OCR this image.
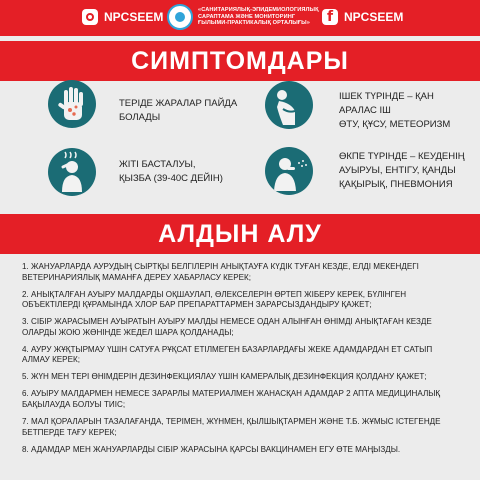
NPCSEEM	«САНИТАРИЯЛЫҚ-ЭПИДЕМИОЛОГИЯЛЫҚ
САРАПТАМА ЖӘНЕ МОНИТОРИНГ
ҒЫЛЫМИ-ПРАКТИКАЛЫҚ ОРТАЛЫҒЫ»	f NPCSEEM
СИМПТОМДАРЫ
ТЕРІДЕ ЖАРАЛАР ПАЙДА БОЛАДЫ
ІШЕК ТҮРІНДЕ – ҚАН АРАЛАС ІШ
ӨТУ, ҚҰСУ, МЕТЕОРИЗМ
ЖІТІ БАСТАЛУЫ,
ҚЫЗБА (39-40С ДЕЙІН)
ӨКПЕ ТҮРІНДЕ – КЕУДЕНІҢ
АУЫРУЫ, ЕНТІГУ, ҚАНДЫ
ҚАҚЫРЫҚ, ПНЕВМОНИЯ
АЛДЫН АЛУ
1. ЖАНУАРЛАРДА АУРУДЫҢ СЫРТҚЫ БЕЛГІЛЕРІН АНЫҚТАУҒА КҮДІК ТУҒАН КЕЗДЕ, ЕЛДІ МЕКЕНДЕГІ
ВЕТЕРИНАРИЯЛЫҚ МАМАНҒА ДЕРЕУ ХАБАРЛАСУ КЕРЕК;
2. АНЫҚТАЛҒАН АУЫРУ МАЛДАРДЫ ОҚШАУЛАП, ӨЛЕКСЕЛЕРІН ӨРТЕП ЖІБЕРУ КЕРЕК, БҮЛІНГЕН
ОБЪЕКТІЛЕРДІ ҚҰРАМЫНДА ХЛОР БАР ПРЕПАРАТТАРМЕН ЗАРАРСЫЗДАНДЫРУ ҚАЖЕТ;
3. СІБІР ЖАРАСЫМЕН АУЫРАТЫН АУЫРУ МАЛДЫ НЕМЕСЕ ОДАН АЛЫНҒАН ӨНІМДІ АНЫҚТАҒАН КЕЗДЕ
ОЛАРДЫ ЖОЮ ЖӨНІНДЕ ЖЕДЕЛ ШАРА ҚОЛДАНАДЫ;
4. АУРУ ЖҰҚТЫРМАУ ҮШІН САТУҒА РҰҚСАТ ЕТІЛМЕГЕН БАЗАРЛАРДАҒЫ ЖЕКЕ АДАМДАРДАН ЕТ САТЫП
АЛМАУ КЕРЕК;
5. ЖҮН МЕН ТЕРІ ӨНІМДЕРІН ДЕЗИНФЕКЦИЯЛАУ ҮШІН КАМЕРАЛЫҚ ДЕЗИНФЕКЦИЯ ҚОЛДАНУ ҚАЖЕТ;
6. АУЫРУ МАЛДАРМЕН НЕМЕСЕ ЗАРАРЛЫ МАТЕРИАЛМЕН ЖАНАСҚАН АДАМДАР 2 АПТА МЕДИЦИНАЛЫҚ
БАҚЫЛАУДА БОЛУЫ ТИІС;
7. МАЛ ҚОРАЛАРЫН ТАЗАЛАҒАНДА, ТЕРІМЕН, ЖҮНМЕН, ҚЫЛШЫҚТАРМЕН ЖӘНЕ Т.Б. ЖҰМЫС ІСТЕГЕНДЕ
БЕТПЕРДЕ ТАҒУ КЕРЕК;
8. АДАМДАР МЕН ЖАНУАРЛАРДЫ СІБІР ЖАРАСЫНА ҚАРСЫ ВАКЦИНАМЕН ЕГУ ӨТЕ МАҢЫЗДЫ.
